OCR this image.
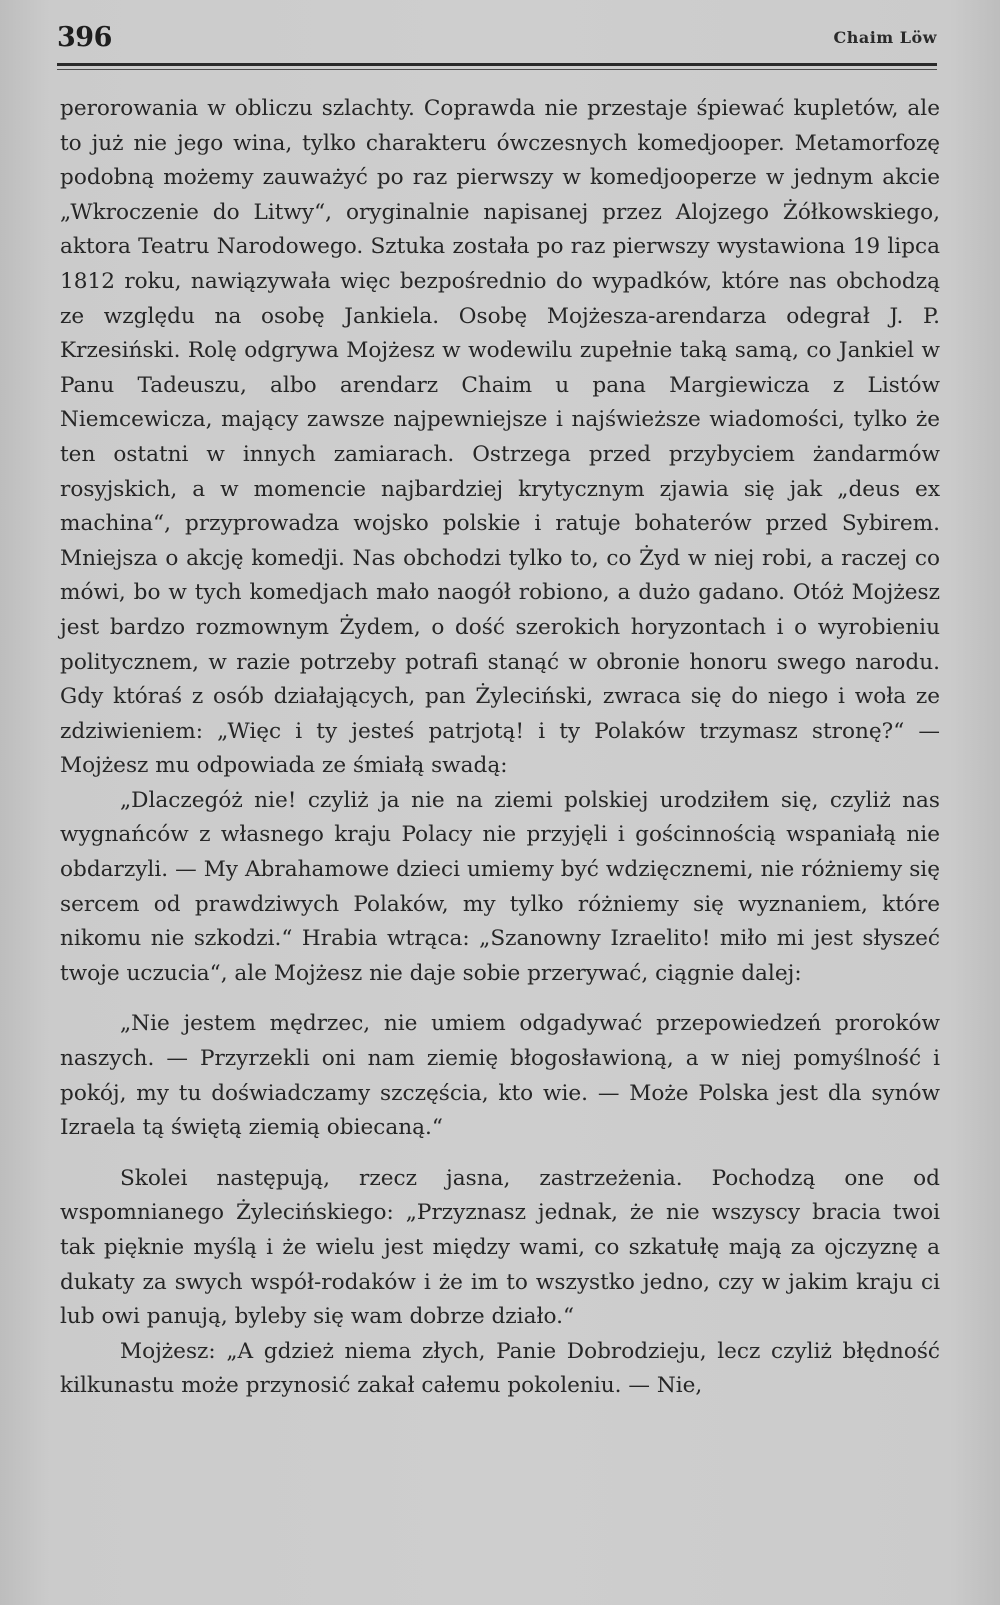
396	Chaim Löw

perorowania w obliczu szlachty. Coprawda nie przestaje śpiewać kupletów, ale to już nie jego wina, tylko charakteru ówczesnych komedjooper. Metamorfozę podobną możemy zauważyć po raz pierwszy w komedjooperze w jednym akcie „Wkroczenie do Litwy“, oryginalnie napisanej przez Alojzego Żółkowskiego, aktora Teatru Narodowego. Sztuka została po raz pierwszy wystawiona 19 lipca 1812 roku, nawiązywała więc bezpośrednio do wypadków, które nas obchodzą ze względu na osobę Jankiela. Osobę Mojżesza-arendarza odegrał J. P. Krzesiński. Rolę odgrywa Mojżesz w wodewilu zupełnie taką samą, co Jankiel w Panu Tadeuszu, albo arendarz Chaim u pana Margiewicza z Listów Niemcewicza, mający zawsze najpewniejsze i najświeższe wiadomości, tylko że ten ostatni w innych zamiarach. Ostrzega przed przybyciem żandarmów rosyjskich, a w momencie najbardziej krytycznym zjawia się jak „deus ex machina“, przyprowadza wojsko polskie i ratuje bohaterów przed Sybirem. Mniejsza o akcję komedji. Nas obchodzi tylko to, co Żyd w niej robi, a raczej co mówi, bo w tych komedjach mało naogół robiono, a dużo gadano. Otóż Mojżesz jest bardzo rozmownym Żydem, o dość szerokich horyzontach i o wyrobieniu politycznem, w razie potrzeby potrafi stanąć w obronie honoru swego narodu. Gdy któraś z osób działających, pan Żyleciński, zwraca się do niego i woła ze zdziwieniem: „Więc i ty jesteś patrjotą! i ty Polaków trzymasz stronę?“ — Mojżesz mu odpowiada ze śmiałą swadą:

„Dlaczegóż nie! czyliż ja nie na ziemi polskiej urodziłem się, czyliż nas wygnańców z własnego kraju Polacy nie przyjęli i gościnnością wspaniałą nie obdarzyli. — My Abrahamowe dzieci umiemy być wdzięcznemi, nie różniemy się sercem od prawdziwych Polaków, my tylko różniemy się wyznaniem, które nikomu nie szkodzi.“ Hrabia wtrąca: „Szanowny Izraelito! miło mi jest słyszeć twoje uczucia“, ale Mojżesz nie daje sobie przerywać, ciągnie dalej:

„Nie jestem mędrzec, nie umiem odgadywać przepowiedzeń proroków naszych. — Przyrzekli oni nam ziemię błogosławioną, a w niej pomyślność i pokój, my tu doświadczamy szczęścia, kto wie. — Może Polska jest dla synów Izraela tą świętą ziemią obiecaną.“

Skolei następują, rzecz jasna, zastrzeżenia. Pochodzą one od wspomnianego Żylecińskiego: „Przyznasz jednak, że nie wszyscy bracia twoi tak pięknie myślą i że wielu jest między wami, co szkatułę mają za ojczyznę a dukaty za swych współ-rodaków i że im to wszystko jedno, czy w jakim kraju ci lub owi panują, byleby się wam dobrze działo.“

Mojżesz: „A gdzież niema złych, Panie Dobrodzieju, lecz czyliż błędność kilkunastu może przynosić zakał całemu pokoleniu. — Nie,
